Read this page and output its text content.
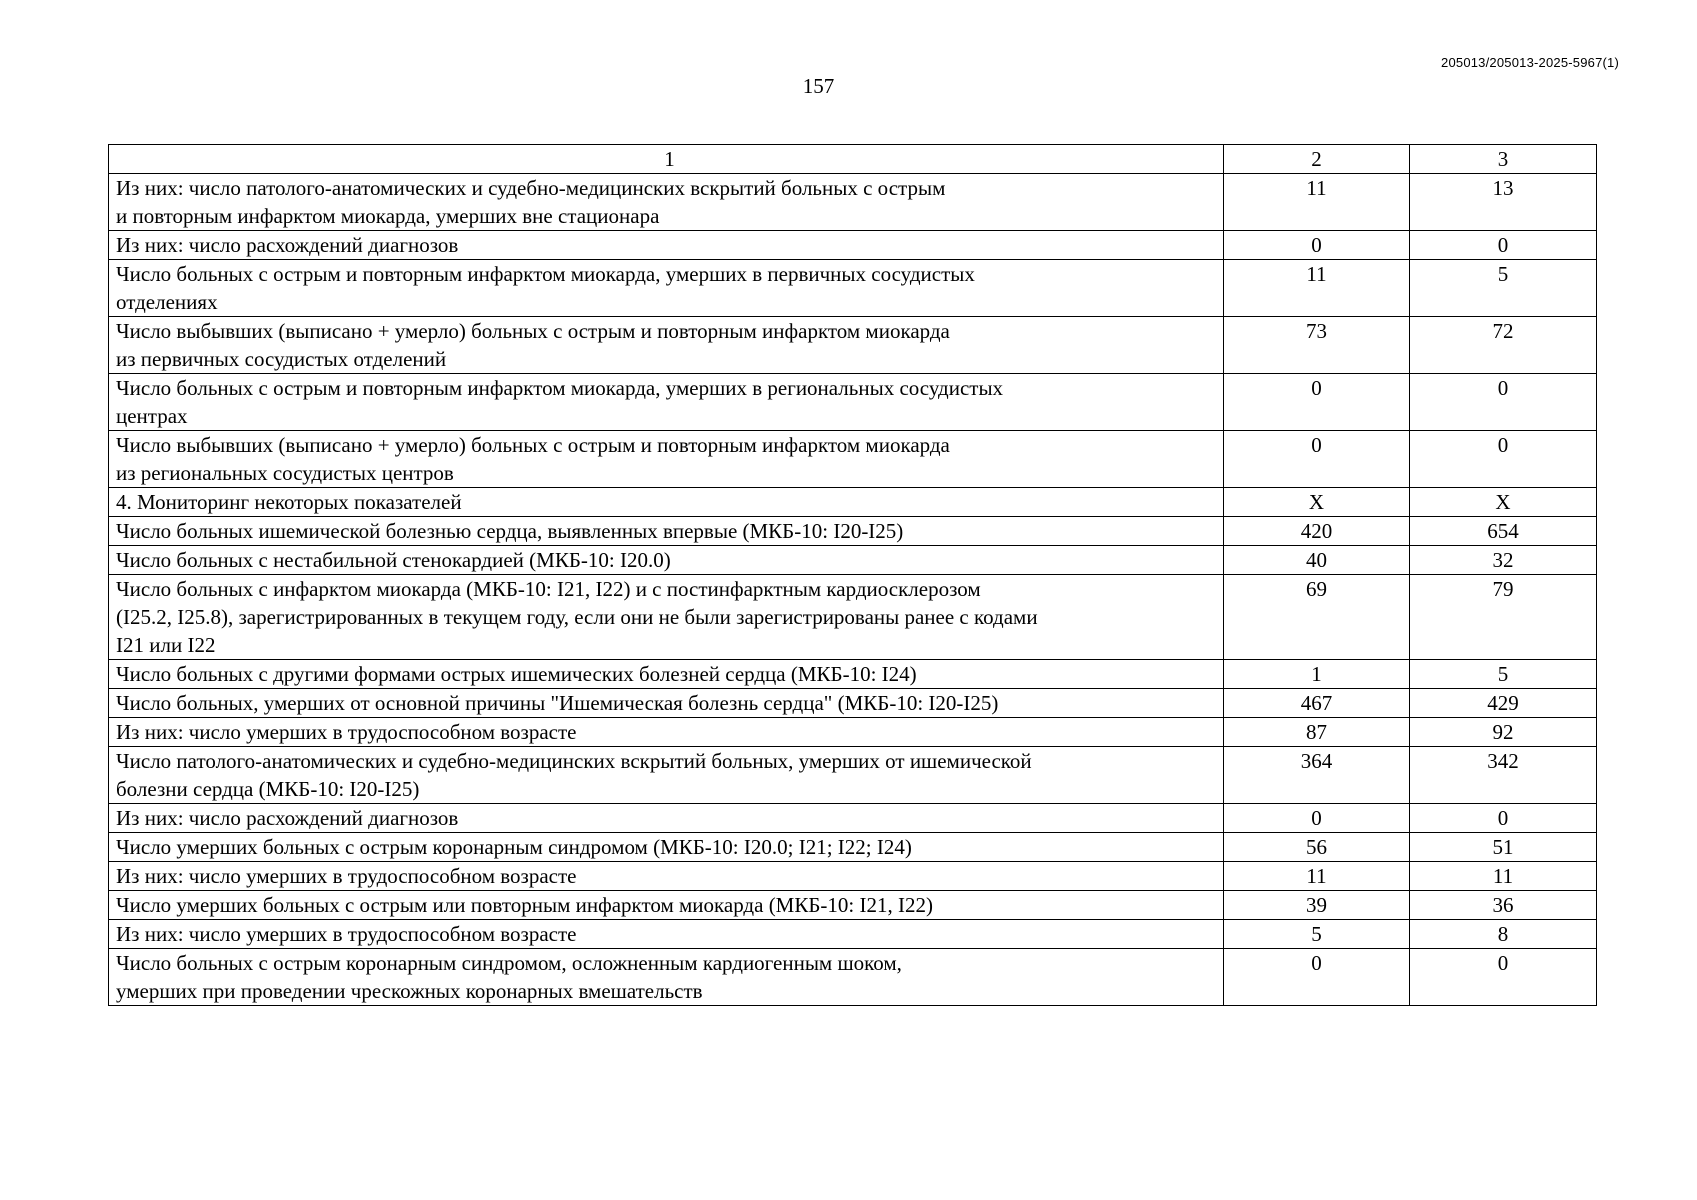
205013/205013-2025-5967(1)
157
1	2	3
Из них: число патолого-анатомических и судебно-медицинских вскрытий больных с острым
и повторным инфарктом миокарда, умерших вне стационара	11	13
Из них: число расхождений диагнозов	0	0
Число больных с острым и повторным инфарктом миокарда, умерших в первичных сосудистых
отделениях	11	5
Число выбывших (выписано + умерло) больных с острым и повторным инфарктом миокарда
из первичных сосудистых отделений	73	72
Число больных с острым и повторным инфарктом миокарда, умерших в региональных сосудистых
центрах	0	0
Число выбывших (выписано + умерло) больных с острым и повторным инфарктом миокарда
из региональных сосудистых центров	0	0
4. Мониторинг некоторых показателей	X	X
Число больных ишемической болезнью сердца, выявленных впервые (МКБ-10: I20-I25)	420	654
Число больных с нестабильной стенокардией (МКБ-10: I20.0)	40	32
Число больных с инфарктом миокарда (МКБ-10: I21, I22) и с постинфарктным кардиосклерозом
(I25.2, I25.8), зарегистрированных в текущем году, если они не были зарегистрированы ранее с кодами
I21 или I22	69	79
Число больных с другими формами острых ишемических болезней сердца (МКБ-10: I24)	1	5
Число больных, умерших от основной причины "Ишемическая болезнь сердца" (МКБ-10: I20-I25)	467	429
Из них: число умерших в трудоспособном возрасте	87	92
Число патолого-анатомических и судебно-медицинских вскрытий больных, умерших от ишемической
болезни сердца (МКБ-10: I20-I25)	364	342
Из них: число расхождений диагнозов	0	0
Число умерших больных с острым коронарным синдромом (МКБ-10: I20.0; I21; I22; I24)	56	51
Из них: число умерших в трудоспособном возрасте	11	11
Число умерших больных с острым или повторным инфарктом миокарда (МКБ-10: I21, I22)	39	36
Из них: число умерших в трудоспособном возрасте	5	8
Число больных с острым коронарным синдромом, осложненным кардиогенным шоком,
умерших при проведении чрескожных коронарных вмешательств	0	0
